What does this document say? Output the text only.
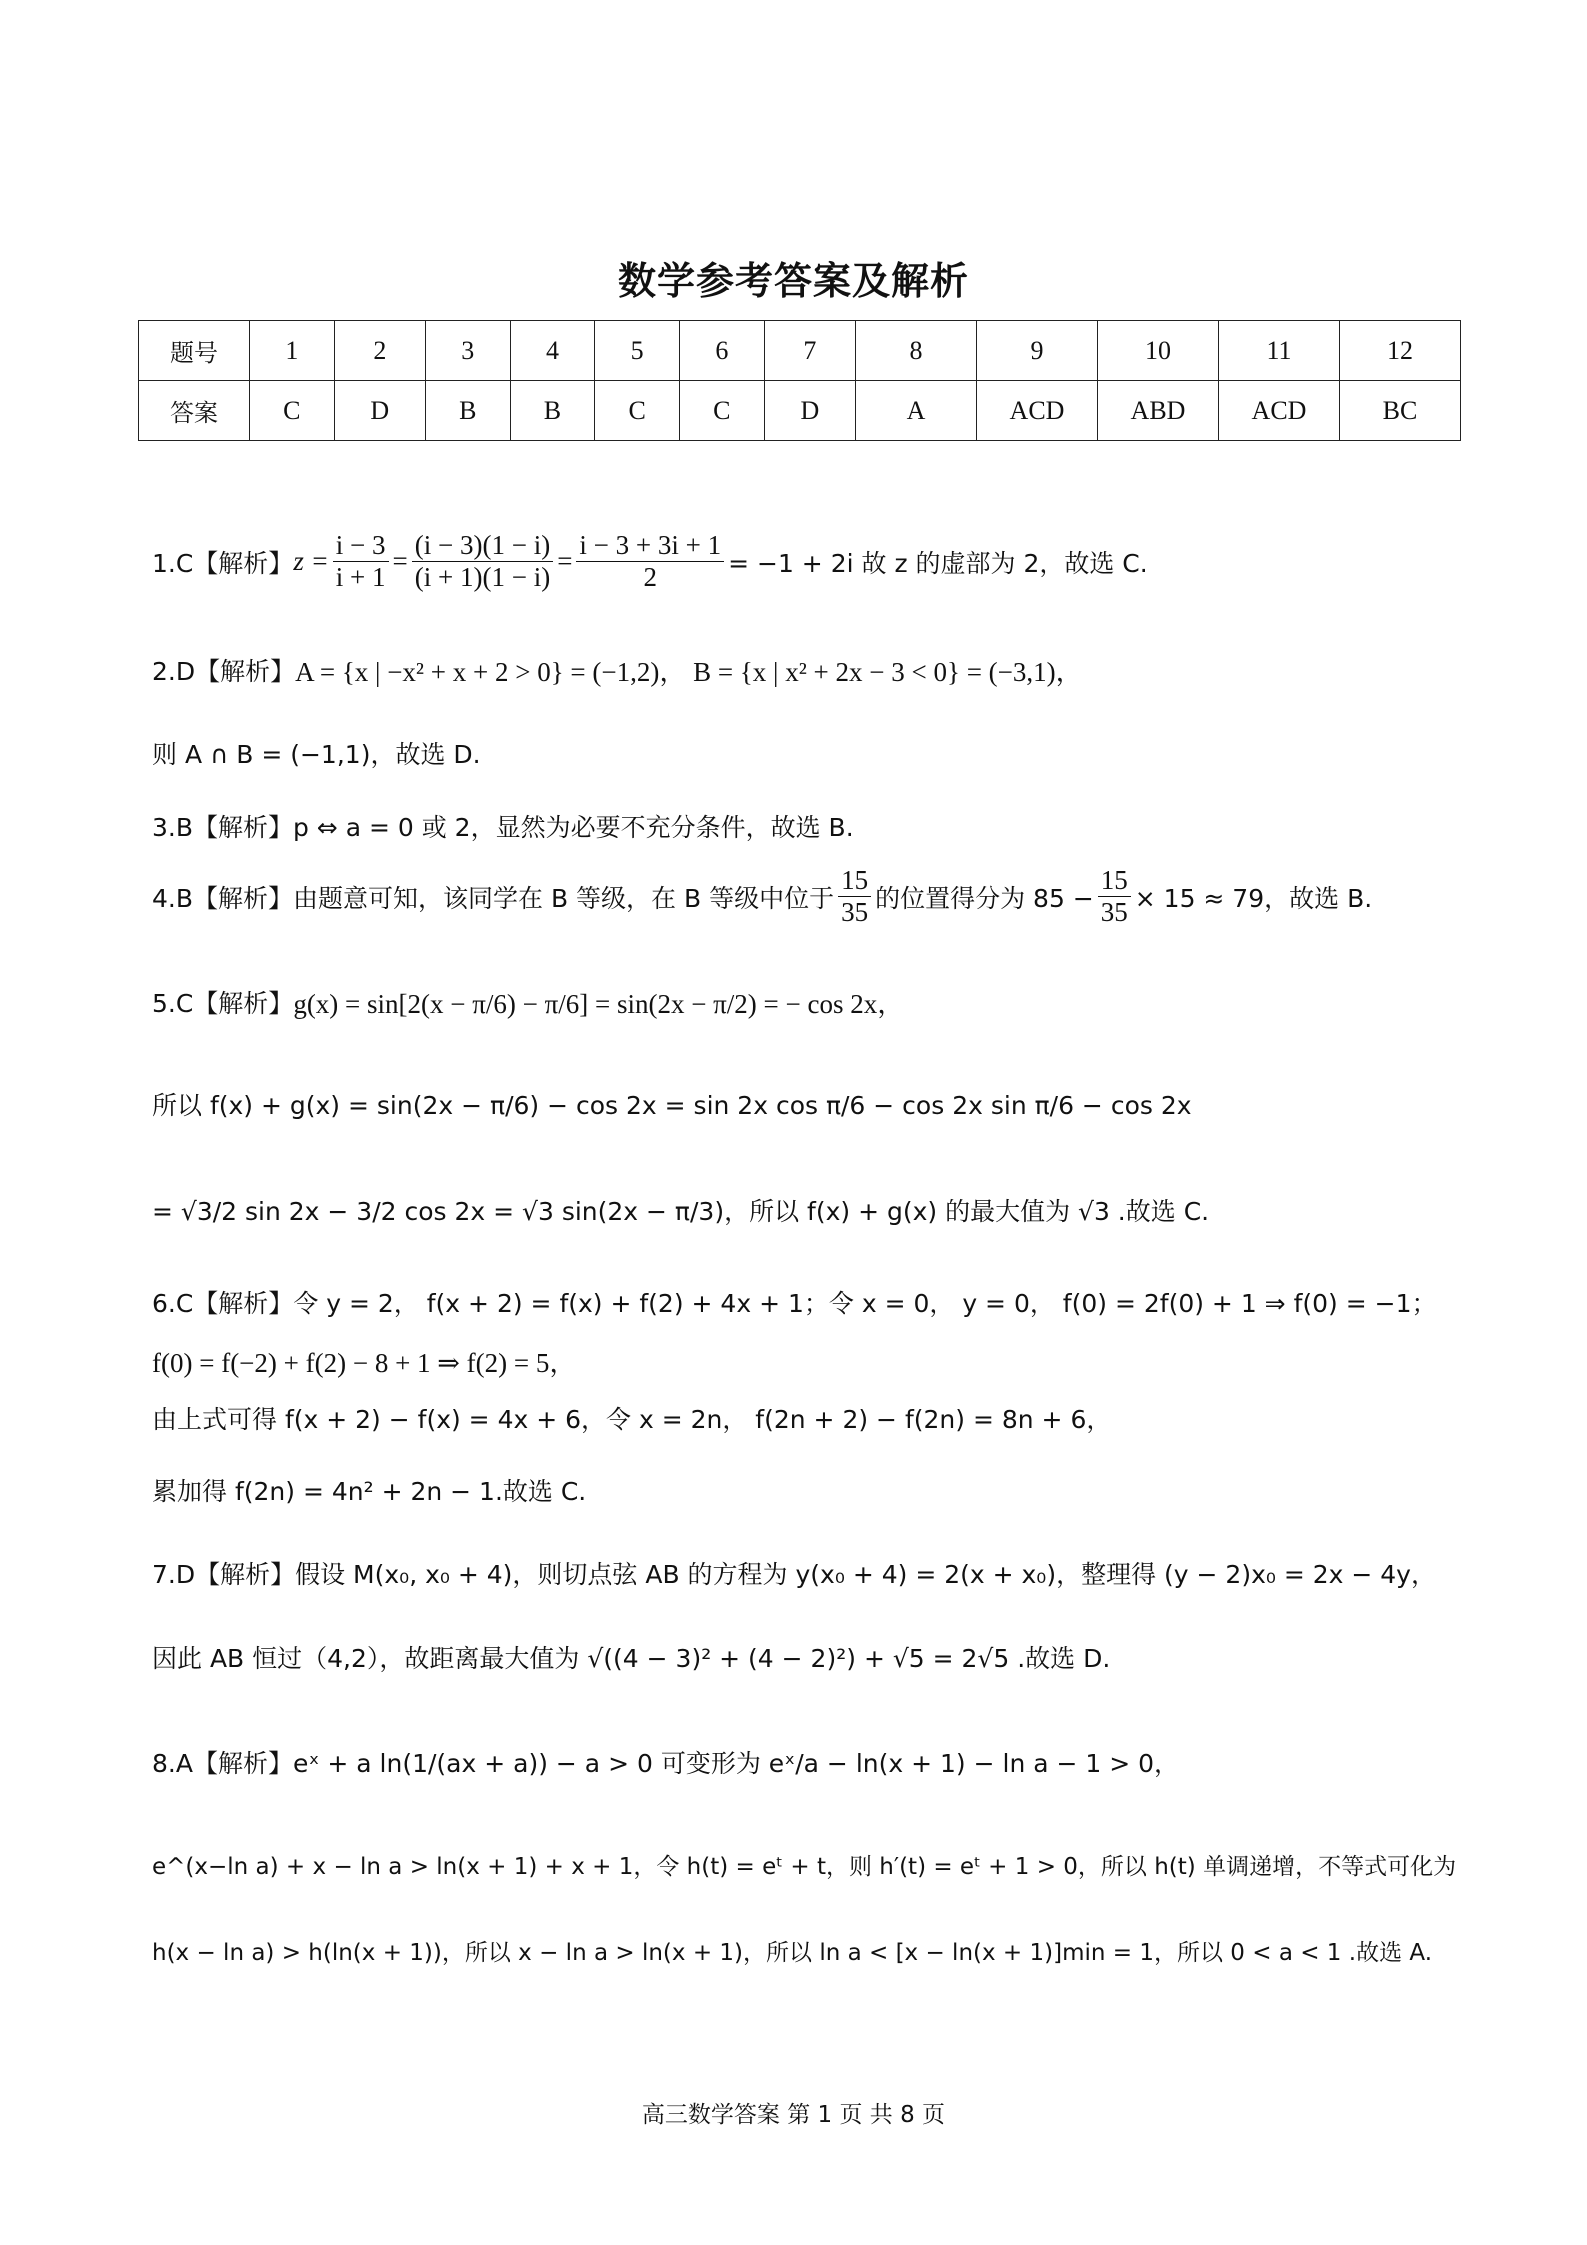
数学参考答案及解析
题号	1	2	3	4	5	6	7	8	9	10	11	12
答案	C	D	B	B	C	C	D	A	ACD	ABD	ACD	BC
1.C【解析】 $z = \frac{i - 3}{i + 1} = \frac{(i - 3)(1 - i)}{(i + 1)(1 - i)} = \frac{i - 3 + 3i + 1}{2} = -1 + 2i$ 故 z 的虚部为 2，故选 C.
2.D【解析】 A = {x | −x² + x + 2 > 0} = (−1,2)， B = {x | x² + 2x − 3 < 0} = (−3,1)，
则 A ∩ B = (−1,1)，故选 D.
3.B【解析】 p ⇔ a = 0 或 2，显然为必要不充分条件，故选 B.
4.B【解析】 由题意可知，该同学在 B 等级，在 B 等级中位于 $\frac{15}{35}$ 的位置得分为 $85 - \frac{15}{35} \times 15 \approx 79$，故选 B.
5.C【解析】 g(x) = sin[2(x − π/6) − π/6] = sin(2x − π/2) = − cos 2x，
所以 f(x) + g(x) = sin(2x − π/6) − cos 2x = sin 2x cos π/6 − cos 2x sin π/6 − cos 2x
= √3/2 sin 2x − 3/2 cos 2x = √3 sin(2x − π/3)，所以 f(x) + g(x) 的最大值为 √3 .故选 C.
6.C【解析】 令 y = 2， f(x + 2) = f(x) + f(2) + 4x + 1；令 x = 0， y = 0， f(0) = 2f(0) + 1 ⇒ f(0) = −1；
f(0) = f(−2) + f(2) − 8 + 1 ⇒ f(2) = 5，
由上式可得 f(x + 2) − f(x) = 4x + 6，令 x = 2n， f(2n + 2) − f(2n) = 8n + 6，
累加得 f(2n) = 4n² + 2n − 1.故选 C.
7.D【解析】 假设 M(x₀, x₀ + 4)，则切点弦 AB 的方程为 y(x₀ + 4) = 2(x + x₀)，整理得 (y − 2)x₀ = 2x − 4y，
因此 AB 恒过（4,2），故距离最大值为 √((4 − 3)² + (4 − 2)²) + √5 = 2√5 .故选 D.
8.A【解析】 eˣ + a ln(1/(ax + a)) − a > 0 可变形为 eˣ/a − ln(x + 1) − ln a − 1 > 0，
e^(x−ln a) + x − ln a > ln(x + 1) + x + 1，令 h(t) = eᵗ + t，则 h′(t) = eᵗ + 1 > 0，所以 h(t) 单调递增，不等式可化为
h(x − ln a) > h(ln(x + 1))，所以 x − ln a > ln(x + 1)，所以 ln a < [x − ln(x + 1)]min = 1，所以 0 < a < 1 .故选 A.
高三数学答案 第 1 页 共 8 页
